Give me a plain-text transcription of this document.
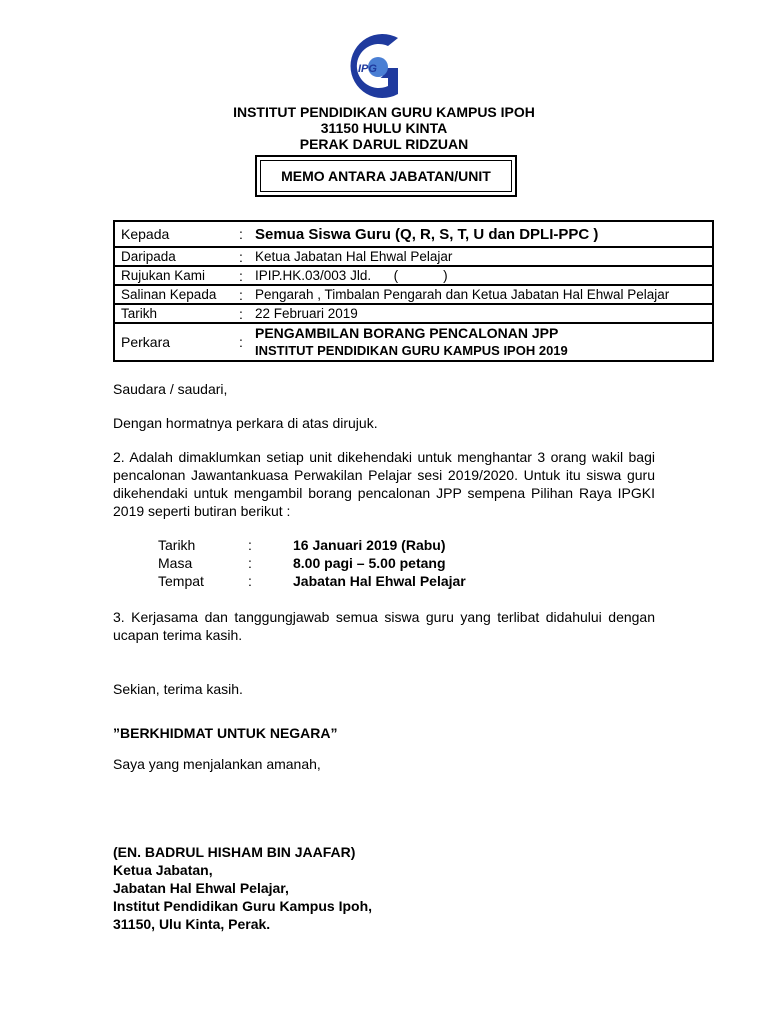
IPG
INSTITUT PENDIDIKAN GURU KAMPUS IPOH
31150 HULU KINTA
PERAK DARUL RIDZUAN
MEMO ANTARA JABATAN/UNIT
Kepada	: Semua Siswa Guru (Q, R, S, T, U dan DPLI-PPC )
Daripada	: Ketua Jabatan Hal Ehwal Pelajar
Rujukan Kami	: IPIP.HK.03/003 Jld.      (            )
Salinan Kepada	: Pengarah , Timbalan Pengarah dan Ketua Jabatan Hal Ehwal Pelajar
Tarikh	: 22 Februari 2019
Perkara	:
PENGAMBILAN BORANG PENCALONAN JPP
INSTITUT PENDIDIKAN GURU KAMPUS IPOH 2019
Saudara / saudari,
Dengan hormatnya perkara di atas dirujuk.
2. Adalah dimaklumkan setiap unit dikehendaki untuk menghantar 3 orang wakil bagi pencalonan Jawantankuasa Perwakilan Pelajar sesi 2019/2020. Untuk itu siswa guru dikehendaki untuk mengambil borang pencalonan JPP sempena Pilihan Raya IPGKI 2019 seperti butiran berikut :
Tarikh	:	16 Januari 2019 (Rabu)
Masa	:	8.00 pagi – 5.00 petang
Tempat	:	Jabatan Hal Ehwal Pelajar
3. Kerjasama dan tanggungjawab semua siswa guru yang terlibat didahului dengan ucapan terima kasih.
Sekian, terima kasih.
”BERKHIDMAT UNTUK NEGARA”
Saya yang menjalankan amanah,
(EN. BADRUL HISHAM BIN JAAFAR)
Ketua Jabatan,
Jabatan Hal Ehwal Pelajar,
Institut Pendidikan Guru Kampus Ipoh,
31150, Ulu Kinta, Perak.
